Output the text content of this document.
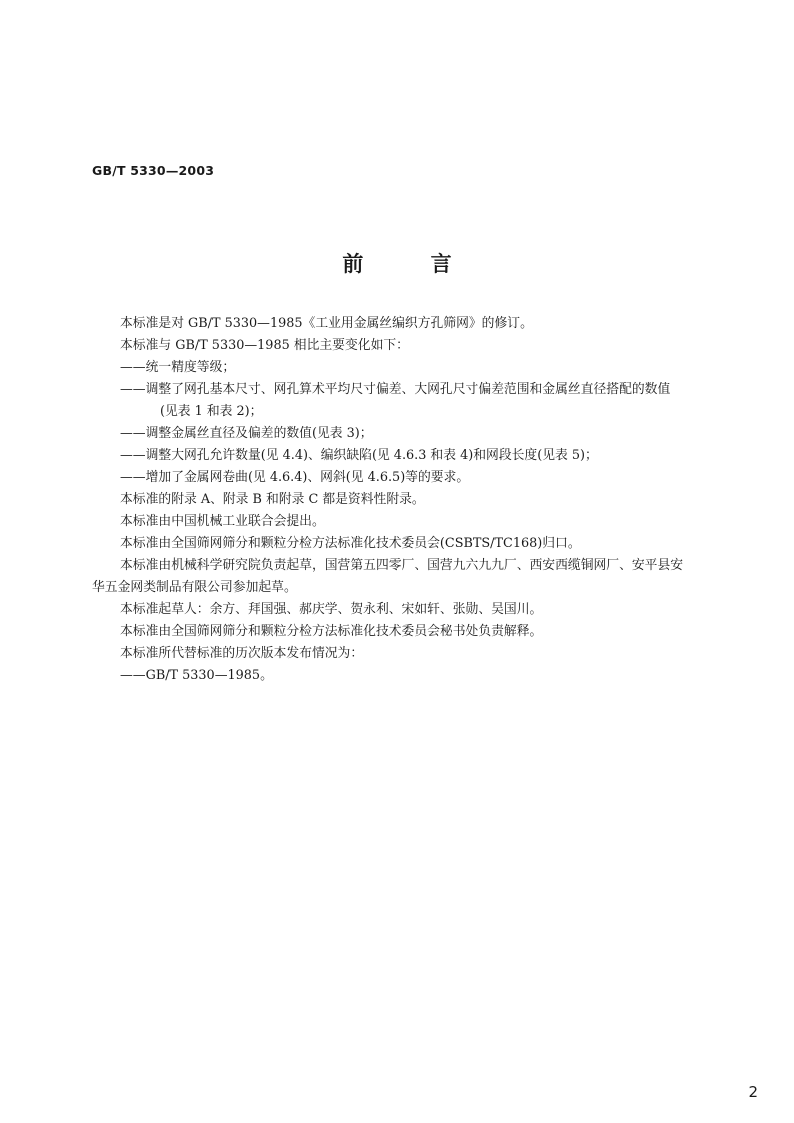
GB/T 5330—2003
前 言

本标准是对 GB/T 5330—1985《工业用金属丝编织方孔筛网》的修订。

本标准与 GB/T 5330—1985 相比主要变化如下：

——统一精度等级；

——调整了网孔基本尺寸、网孔算术平均尺寸偏差、大网孔尺寸偏差范围和金属丝直径搭配的数值

(见表 1 和表 2)；

——调整金属丝直径及偏差的数值(见表 3)；

——调整大网孔允许数量(见 4.4)、编织缺陷(见 4.6.3 和表 4)和网段长度(见表 5)；

——增加了金属网卷曲(见 4.6.4)、网斜(见 4.6.5)等的要求。

本标准的附录 A、附录 B 和附录 C 都是资料性附录。

本标准由中国机械工业联合会提出。

本标准由全国筛网筛分和颗粒分检方法标准化技术委员会(CSBTS/TC168)归口。

本标准由机械科学研究院负责起草，国营第五四零厂、国营九六九九厂、西安西缆铜网厂、安平县安

华五金网类制品有限公司参加起草。

本标准起草人：余方、拜国强、郝庆学、贺永利、宋如轩、张勋、吴国川。

本标准由全国筛网筛分和颗粒分检方法标准化技术委员会秘书处负责解释。

本标准所代替标准的历次版本发布情况为：

——GB/T 5330—1985。

2
